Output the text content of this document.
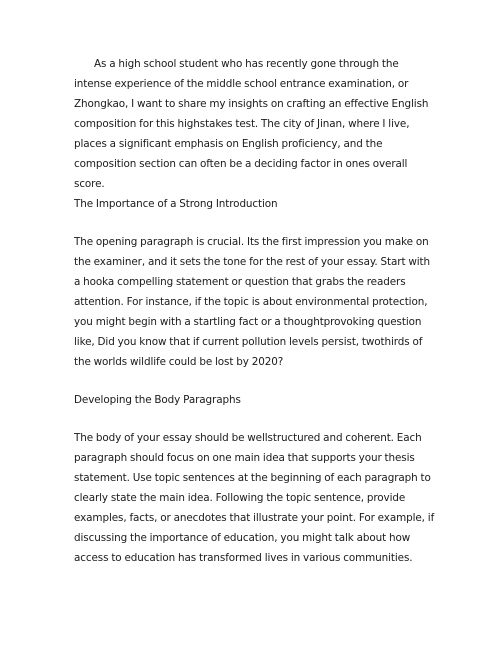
As a high school student who has recently gone through the intense experience of the middle school entrance examination, or Zhongkao, I want to share my insights on crafting an effective English composition for this highstakes test. The city of Jinan, where I live, places a significant emphasis on English proficiency, and the composition section can often be a deciding factor in ones overall score.

The Importance of a Strong Introduction

The opening paragraph is crucial. Its the first impression you make on the examiner, and it sets the tone for the rest of your essay. Start with a hooka compelling statement or question that grabs the readers attention. For instance, if the topic is about environmental protection, you might begin with a startling fact or a thoughtprovoking question like, Did you know that if current pollution levels persist, twothirds of the worlds wildlife could be lost by 2020?

Developing the Body Paragraphs

The body of your essay should be wellstructured and coherent. Each paragraph should focus on one main idea that supports your thesis statement. Use topic sentences at the beginning of each paragraph to clearly state the main idea. Following the topic sentence, provide examples, facts, or anecdotes that illustrate your point. For example, if discussing the importance of education, you might talk about how access to education has transformed lives in various communities.
